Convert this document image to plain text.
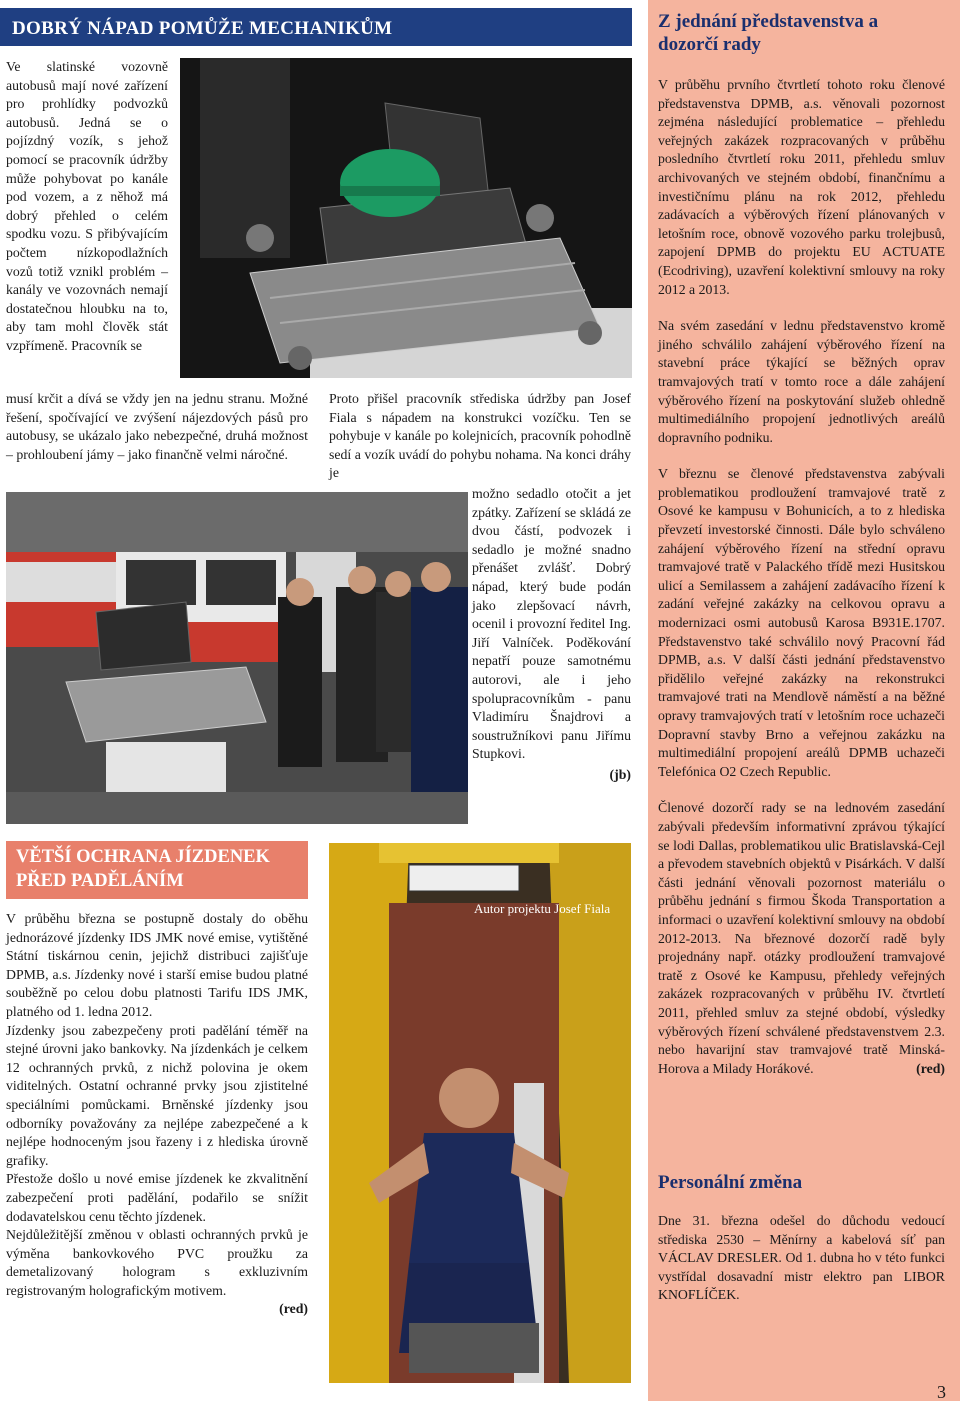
DOBRÝ NÁPAD POMŮŽE MECHANIKŮM

Ve slatinské vozovně autobusů mají nové zařízení pro prohlídky podvozků autobusů. Jedná se o pojízdný vozík, s jehož pomocí se pracovník údržby může pohybovat po kanále pod vozem, a z něhož má dobrý přehled o celém spodku vozu. S přibývajícím počtem nízkopodlažních vozů totiž vznikl problém – kanály ve vozovnách nemají dostatečnou hloubku na to, aby tam mohl člověk stát vzpřímeně. Pracovník se

musí krčit a dívá se vždy jen na jednu stranu. Možné řešení, spočívající ve zvýšení nájezdových pásů pro autobusy, se ukázalo jako nebezpečné, druhá možnost – prohloubení jámy – jako finančně velmi náročné.

Proto přišel pracovník střediska údržby pan Josef Fiala s nápadem na konstrukci vozíčku. Ten se pohybuje v kanále po kolejnicích, pracovník pohodlně sedí a vozík uvádí do pohybu nohama. Na konci dráhy je

možno sedadlo otočit a jet zpátky. Zařízení se skládá ze dvou částí, podvozek i sedadlo je možné snadno přenášet zvlášť. Dobrý nápad, který bude podán jako zlepšovací návrh, ocenil i provozní ředitel Ing. Jiří Valníček. Poděkování nepatří pouze samotnému autorovi, ale i jeho spolupracovníkům - panu Vladimíru Šnajdrovi a soustružníkovi panu Jiřímu Stupkovi.

(jb)

VĚTŠÍ OCHRANA JÍZDENEK
PŘED PADĚLÁNÍM

V průběhu března se postupně dostaly do oběhu jednorázové jízdenky IDS JMK nové emise, vytištěné Státní tiskárnou cenin, jejichž distribuci zajišťuje DPMB, a.s. Jízdenky nové i starší emise budou platné souběžně po celou dobu platnosti Tarifu IDS JMK, platného od 1. ledna 2012.

Jízdenky jsou zabezpečeny proti padělání téměř na stejné úrovni jako bankovky. Na jízdenkách je celkem 12 ochranných prvků, z nichž polovina je okem viditelných. Ostatní ochranné prvky jsou zjistitelné speciálními pomůckami. Brněnské jízdenky jsou odborníky považovány za nejlépe zabezpečené a k nejlépe hodnoceným jsou řazeny i z hlediska úrovně grafiky.

Přestože došlo u nové emise jízdenek ke zkvalitnění zabezpečení proti padělání, podařilo se snížit dodavatelskou cenu těchto jízdenek.

Nejdůležitější změnou v oblasti ochranných prvků je výměna bankovkového PVC proužku za demetalizovaný hologram s exkluzivním registrovaným holografickým motivem.

(red)

Autor projektu Josef Fiala
Z jednání představenstva a dozorčí rady

V průběhu prvního čtvrtletí tohoto roku členové představenstva DPMB, a.s. věnovali pozornost zejména následující problematice – přehledu veřejných zakázek rozpracovaných v průběhu posledního čtvrtletí roku 2011, přehledu smluv archivovaných ve stejném období, finančnímu a investičnímu plánu na rok 2012, přehledu zadávacích a výběrových řízení plánovaných v letošním roce, obnově vozového parku trolejbusů, zapojení DPMB do projektu EU ACTUATE (Ecodriving), uzavření kolektivní smlouvy na roky 2012 a 2013.

Na svém zasedání v lednu představenstvo kromě jiného schválilo zahájení výběrového řízení na stavební práce týkající se běžných oprav tramvajových tratí v tomto roce a dále zahájení výběrového řízení na poskytování služeb ohledně multimediálního propojení jednotlivých areálů dopravního podniku.

V březnu se členové představenstva zabývali problematikou prodloužení tramvajové tratě z Osové ke kampusu v Bohunicích, a to z hlediska převzetí investorské činnosti. Dále bylo schváleno zahájení výběrového řízení na střední opravu tramvajové tratě v Palackého třídě mezi Husitskou ulicí a Semilassem a zahájení zadávacího řízení k zadání veřejné zakázky na celkovou opravu a modernizaci osmi autobusů Karosa B931E.1707. Představenstvo také schválilo nový Pracovní řád DPMB, a.s. V další části jednání představenstvo přidělilo veřejné zakázky na rekonstrukci tramvajové trati na Mendlově náměstí a na běžné opravy tramvajových tratí v letošním roce uchazeči Dopravní stavby Brno a veřejnou zakázku na multimediální propojení areálů DPMB uchazeči Telefónica O2 Czech Republic.

Členové dozorčí rady se na lednovém zasedání zabývali především informativní zprávou týkající se lodi Dallas, problematikou ulic Bratislavská-Cejl a převodem stavebních objektů v Pisárkách. V další části jednání věnovali pozornost materiálu o průběhu jednání s firmou Škoda Transportation a informaci o uzavření kolektivní smlouvy na období 2012-2013. Na březnové dozorčí radě byly projednány např. otázky prodloužení tramvajové tratě z Osové ke Kampusu, přehledy veřejných zakázek rozpracovaných v průběhu IV. čtvrtletí 2011, přehled smluv za stejné období, výsledky výběrových řízení schválené představenstvem 2.3. nebo havarijní stav tramvajové tratě Minská-Horova a Milady Horákové.	(red)

Personální změna

Dne 31. března odešel do důchodu vedoucí střediska 2530 – Měnírny a kabelová síť pan VÁCLAV DRESLER. Od 1. dubna ho v této funkci vystřídal dosavadní mistr elektro pan LIBOR KNOFLÍČEK.

3
